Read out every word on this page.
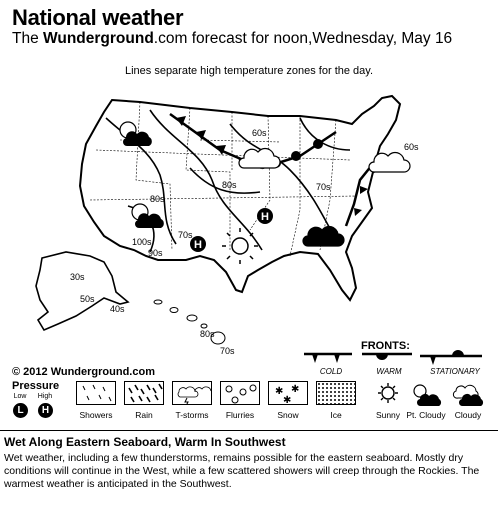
National weather
The Wunderground.com forecast for noon,Wednesday, May 16
Lines separate high temperature zones for the day.
H
H
60s
60s
70s
70s
80s
80s
90s
100s
30s
50s
40s
80s
70s
© 2012 Wunderground.com
FRONTS:
COLD	WARM	STATIONARY
Pressure
Low	High
L	H
✱ ✱
✱
Showers	Rain	T-storms	Flurries	Snow	Ice	Sunny Pt. Cloudy	Cloudy
Wet Along Eastern Seaboard, Warm In Southwest
Wet weather, including a few thunderstorms, remains possible for the eastern seaboard. Mostly dry conditions will continue in the West, while a few scattered showers will creep through the Rockies. The warmest weather is anticipated in the Southwest.
